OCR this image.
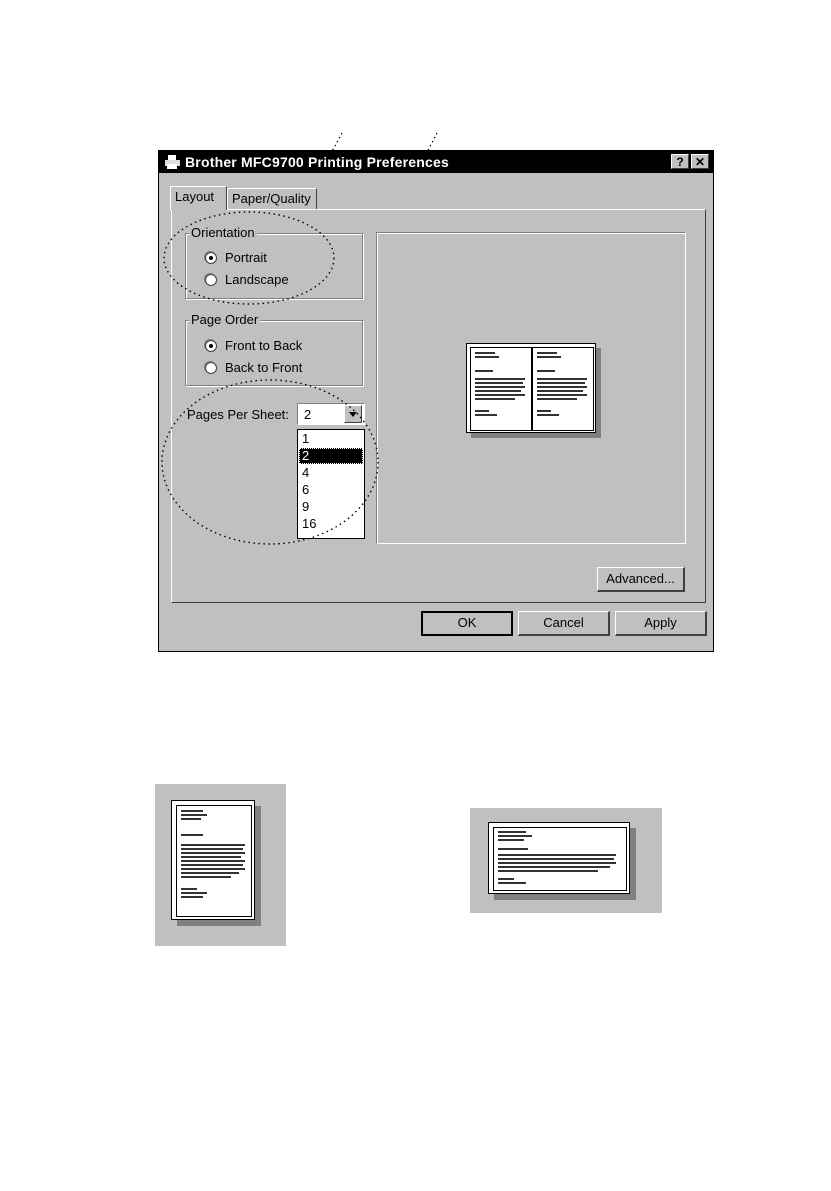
Brother MFC9700 Printing Preferences	? ✕
Layout	Paper/Quality
Orientation
Portrait
Landscape
Page Order
Front to Back
Back to Front
Pages Per Sheet: 2
1
2
4
6
9
16
Advanced...
OK	Cancel	Apply
